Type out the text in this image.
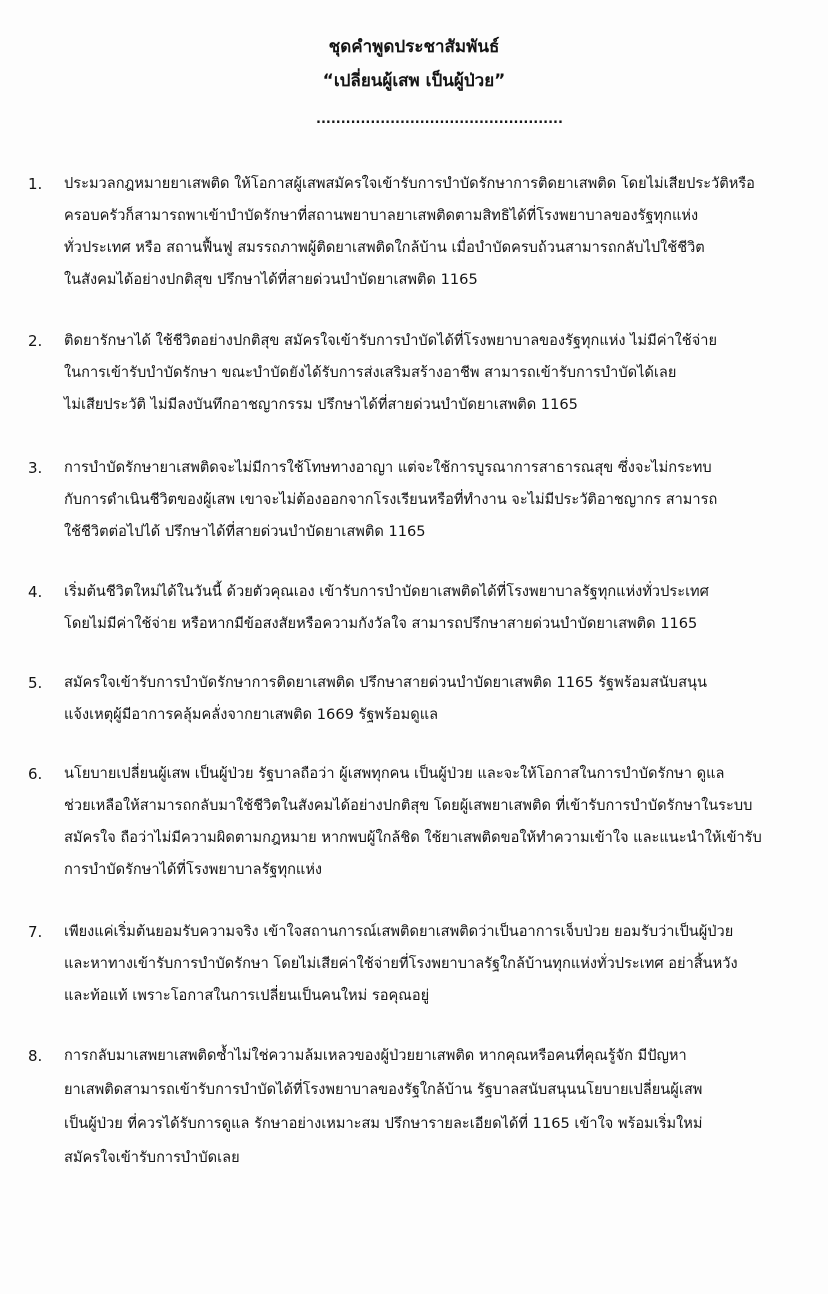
ชุดคำพูดประชาสัมพันธ์
“เปลี่ยนผู้เสพ เป็นผู้ป่วย”
..................................................
1.	ประมวลกฎหมายยาเสพติด ให้โอกาสผู้เสพสมัครใจเข้ารับการบำบัดรักษาการติดยาเสพติด โดยไม่เสียประวัติหรือ
ครอบครัวก็สามารถพาเข้าบำบัดรักษาที่สถานพยาบาลยาเสพติดตามสิทธิได้ที่โรงพยาบาลของรัฐทุกแห่ง
ทั่วประเทศ หรือ สถานฟื้นฟู สมรรถภาพผู้ติดยาเสพติดใกล้บ้าน เมื่อบำบัดครบถ้วนสามารถกลับไปใช้ชีวิต
ในสังคมได้อย่างปกติสุข ปรึกษาได้ที่สายด่วนบำบัดยาเสพติด 1165
2.	ติดยารักษาได้ ใช้ชีวิตอย่างปกติสุข สมัครใจเข้ารับการบำบัดได้ที่โรงพยาบาลของรัฐทุกแห่ง ไม่มีค่าใช้จ่าย
ในการเข้ารับบำบัดรักษา ขณะบำบัดยังได้รับการส่งเสริมสร้างอาชีพ สามารถเข้ารับการบำบัดได้เลย
ไม่เสียประวัติ ไม่มีลงบันทึกอาชญากรรม ปรึกษาได้ที่สายด่วนบำบัดยาเสพติด 1165
3.	การบำบัดรักษายาเสพติดจะไม่มีการใช้โทษทางอาญา แต่จะใช้การบูรณาการสาธารณสุข ซึ่งจะไม่กระทบ
กับการดำเนินชีวิตของผู้เสพ เขาจะไม่ต้องออกจากโรงเรียนหรือที่ทำงาน จะไม่มีประวัติอาชญากร สามารถ
ใช้ชีวิตต่อไปได้ ปรึกษาได้ที่สายด่วนบำบัดยาเสพติด 1165
4.	เริ่มต้นชีวิตใหม่ได้ในวันนี้ ด้วยตัวคุณเอง เข้ารับการบำบัดยาเสพติดได้ที่โรงพยาบาลรัฐทุกแห่งทั่วประเทศ
โดยไม่มีค่าใช้จ่าย หรือหากมีข้อสงสัยหรือความกังวัลใจ สามารถปรึกษาสายด่วนบำบัดยาเสพติด 1165
5.	สมัครใจเข้ารับการบำบัดรักษาการติดยาเสพติด ปรึกษาสายด่วนบำบัดยาเสพติด 1165 รัฐพร้อมสนับสนุน
แจ้งเหตุผู้มีอาการคลุ้มคลั่งจากยาเสพติด 1669 รัฐพร้อมดูแล
6.	นโยบายเปลี่ยนผู้เสพ เป็นผู้ป่วย รัฐบาลถือว่า ผู้เสพทุกคน เป็นผู้ป่วย และจะให้โอกาสในการบำบัดรักษา ดูแล
ช่วยเหลือให้สามารถกลับมาใช้ชีวิตในสังคมได้อย่างปกติสุข โดยผู้เสพยาเสพติด ที่เข้ารับการบำบัดรักษาในระบบ
สมัครใจ ถือว่าไม่มีความผิดตามกฎหมาย หากพบผู้ใกล้ชิด ใช้ยาเสพติดขอให้ทำความเข้าใจ และแนะนำให้เข้ารับ
การบำบัดรักษาได้ที่โรงพยาบาลรัฐทุกแห่ง
7.	เพียงแค่เริ่มต้นยอมรับความจริง เข้าใจสถานการณ์เสพติดยาเสพติดว่าเป็นอาการเจ็บป่วย ยอมรับว่าเป็นผู้ป่วย
และหาทางเข้ารับการบำบัดรักษา โดยไม่เสียค่าใช้จ่ายที่โรงพยาบาลรัฐใกล้บ้านทุกแห่งทั่วประเทศ อย่าสิ้นหวัง
และท้อแท้ เพราะโอกาสในการเปลี่ยนเป็นคนใหม่ รอคุณอยู่
8.	การกลับมาเสพยาเสพติดซ้ำไม่ใช่ความล้มเหลวของผู้ป่วยยาเสพติด หากคุณหรือคนที่คุณรู้จัก มีปัญหา
ยาเสพติดสามารถเข้ารับการบำบัดได้ที่โรงพยาบาลของรัฐใกล้บ้าน รัฐบาลสนับสนุนนโยบายเปลี่ยนผู้เสพ
เป็นผู้ป่วย ที่ควรได้รับการดูแล รักษาอย่างเหมาะสม ปรึกษารายละเอียดได้ที่ 1165 เข้าใจ พร้อมเริ่มใหม่
สมัครใจเข้ารับการบำบัดเลย
